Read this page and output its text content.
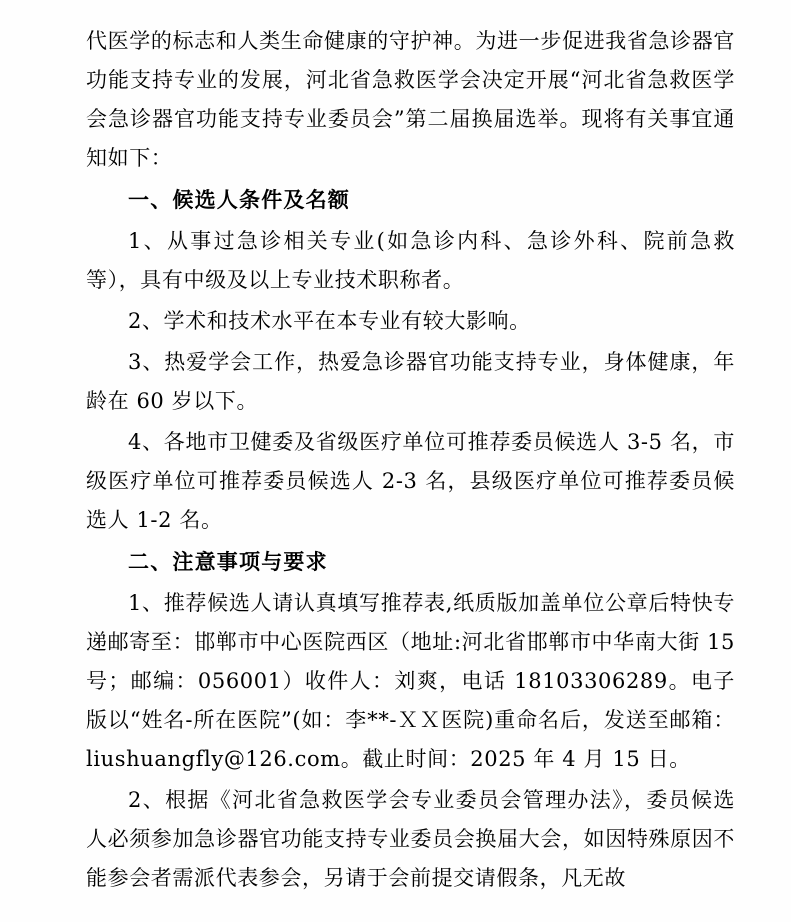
代医学的标志和人类生命健康的守护神。为进一步促进我省急诊器官功能支持专业的发展，河北省急救医学会决定开展“河北省急救医学会急诊器官功能支持专业委员会”第二届换届选举。现将有关事宜通知如下：

一、候选人条件及名额

1、从事过急诊相关专业(如急诊内科、急诊外科、院前急救等），具有中级及以上专业技术职称者。

2、学术和技术水平在本专业有较大影响。

3、热爱学会工作，热爱急诊器官功能支持专业，身体健康，年龄在 60 岁以下。

4、各地市卫健委及省级医疗单位可推荐委员候选人 3-5 名，市级医疗单位可推荐委员候选人 2-3 名，县级医疗单位可推荐委员候选人 1-2 名。

二、注意事项与要求

1、推荐候选人请认真填写推荐表,纸质版加盖单位公章后特快专递邮寄至：邯郸市中心医院西区（地址:河北省邯郸市中华南大街 15 号；邮编：056001）收件人：刘爽，电话 18103306289。电子版以“姓名-所在医院”(如：李**-ＸＸ医院)重命名后，发送至邮箱：liushuangfly@126.com。截止时间：2025 年 4 月 15 日。

2、根据《河北省急救医学会专业委员会管理办法》，委员候选人必须参加急诊器官功能支持专业委员会换届大会，如因特殊原因不能参会者需派代表参会，另请于会前提交请假条，凡无故
